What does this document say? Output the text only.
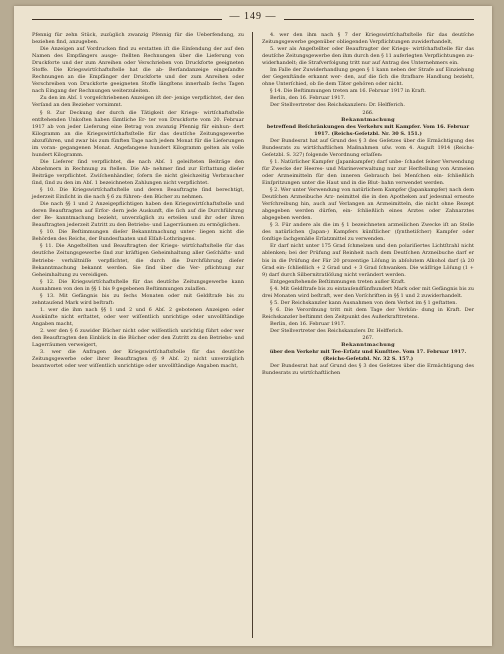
— 149 —

Pfennig für zehn Stück, zuzüglich zwanzig Pfennig für die Ueberfendung, zu beziehen find, anzugeben.

Die Anzeigen auf Vordrucken find zu erstatten iſt die Einſendung der auf den Namen des Empfängers ausge- ſtellten Rechnungen über die Lieferung von Druckforte und der zum Anreihen oder Verschrieben von Druckforte geeigneten Stoffe. Die Kriegswirtſchaftsſtelle hat die ab- Berſandanzeige eingeſandte Rechnungen an die Empfänger der Druckforte und der zum Anreihen oder Verschreiben von Druckforte geeigneten Stoffe längſtens innerhalb ſechs Tagen nach Eingang der Rechnungen weiterzuleiten.

Zu den im Abſ. 1 vorgeſchriebenen Anzeigen iſt der- jenige verpflichtet, der den Verſand an den Bezieher vornimmt.

§ 8. Zur Deckung der durch die Tätigkeit der Kriegs- wirtſchaftsſtelle entſtehenden Unkoſten haben ſämtliche Er- ter von Druckforte vom 20. Februar 1917 ab von jeder Lieferung eine Betrag von zwanzig Pfennig für einhun- dert Kilogramm an die Kriegswirtſchaftsſtelle für das deutſche Zeitungsgewerbe abzuführen, und zwar bis zum fünften Tage nach jedem Monat für die Lieferungen im voran- gegangenen Monat. Angefangene hundert Kilogramm gelten als volle hundert Kilogramm.

Die Lieferer ſind verpflichtet, die nach Abſ. 1 geleiſteten Beiträge den Abnehmern in Rechnung zu ſtellen. Die Ab- nehmer ſind zur Erſtattung dieſer Beiträge verpflichtet. Zwiſchenhändler, ſofern ſie nicht gleichzeitig Verbraucher ſind, ſind zu den im Abſ. 1 bezeichneten Zahlungen nicht verpflichtet.

§ 10. Die Kriegswirtſchaftsſtelle und deren Beauftragte ſind berechtigt, jederzeit Einſicht in die nach § 6 zu führen- den Bücher zu nehmen.

Die nach §§ 1 und 2 Anzeigepflichtigen haben den Kriegswirtſchaftsſtelle und deren Beauftragten auf Erfor- dern jede Auskunft, die ſich auf die Durchführung der Be- kanntmachung bezieht, unverzüglich zu erteilen und ihr oder ihren Beauftragten jederzeit Zutritt zu den Betriebs- und Lagerräumen zu ermöglichen.

§ 10. Die Beſtimmungen dieſer Bekanntmachung unter- liegen nicht die Behörden des Reichs, der Bundesſtaaten und Elſaß-Lothringens.

§ 11. Die Angeſtellten und Beauftragten der Kriegs- wirtſchaftsſtelle für das deutſche Zeitungsgewerbe ſind zur kräftigen Geheimhaltung aller Geſchäfts- und Betriebs- verhältniſſe verpflichtet, die durch die Durchführung dieſer Bekanntmachung bekannt werden. Sie ſind über die Ver- pflichtung zur Geheimhaltung zu vereidigen.

§ 12. Die Kriegswirtſchaftsſtelle für das deutſche Zeitungsgewerbe kann Ausnahmen von den in §§ 1 bis 9 gegebenen Beſtimmungen zulaſſen.

§ 13. Mit Gefängnis bis zu ſechs Monaten oder mit Geldſtrafe bis zu zehntauſend Mark wird beſtraft:

1. wer die ihm nach §§ 1 und 2 und 6 Abſ. 2 gebotenen Anzeigen oder Auskünfte nicht erſtattet, oder wer wiſſentlich unrichtige oder unvollſtändige Angaben macht,

2. wer den § 6 zuwider Bücher nicht oder wiſſentlich unrichtig führt oder wer den Beauftragten den Einblick in die Bücher oder den Zutritt zu den Betriebs- und Lagerräumen verweigert,

3. wer die Anfragen der Kriegswirtſchaftsſtelle für das deutſche Zeitungsgewerbe oder ihrer Beauftragten (§ 9 Abſ. 2) nicht unverzüglich beantwortet oder wer wiſſentlich unrichtige oder unvollſtändige Angaben macht,

4. wer den ihm nach § 7 der Kriegswirtſchaftsſtelle für das deutſche Zeitungsgewerbe gegenüber obliegenden Verpflichtungen zuwiderhandelt,

5. wer als Angeſtellter oder Beauftragter der Kriegs- wirtſchaftsſtelle für das deutſche Zeitungsgewerbe den ihm durch den § 11 auferlegten Verpflichtungen zu- widerhandelt; die Strafverfolgung tritt nur auf Antrag des Unternehmers ein.

Im Falle der Zuwiderhandlung gegen § 1 kann neben der Strafe auf Einziehung der Gegenſtände erkannt wer- den, auf die ſich die ſtrafbare Handlung bezieht, ohne Unterſchied, ob ſie dem Täter gehören oder nicht.

§ 14. Die Beſtimmungen treten am 16. Februar 1917 in Kraft.

Berlin, den 16. Februar 1917.

Der Stellvertreter des Reichskanzlers: Dr. Helfferich.

266.

Bekanntmachung

betreffend Beſchränkungen des Verkehrs mit Kampfer. Vom 16. Februar 1917. (Reichs-Geſetzbl. Nr. 30 S. 151.)

Der Bundesrat hat auf Grund des § 3 des Geſetzes über die Ermächtigung des Bundesrats zu wirtſchaftlichen Maßnahmen uſw. vom 4. Auguſt 1914 (Reichs-Geſetzbl. S. 327) folgende Verordnung erlaſſen:

§ 1. Natürlicher Kampfer (Japankampfer) darf unbe- ſchadet ſeiner Verwendung für Zwecke der Heeres- und Marineverwaltung nur zur Herſtellung von Arzneien oder Arzneimitteln für den inneren Gebrauch bei Menſchen ein- ſchließlich Einſpritzungen unter die Haut und in die Blut- bahn verwendet werden.

§ 2. Wer unter Verwendung von natürlichem Kampfer (Japankampfer) nach dem Deutſchen Arzneibuche Arz- neimittel die in den Apotheken auf jedesmal erneute Verſchreibung hin, auch auf Verlangen an Arzneimitteln, die nicht ohne Rezept abgegeben werden dürfen, ein- ſchließlich eines Arztes oder Zahnarztes abgegeben werden.

§ 3. Für andere als die im § 1 bezeichneten arzneilichen Zwecke iſt an Stelle des natürlichen (Japan-) Kampfers künſtlicher (ſynthetiſcher) Kampfer oder ſonſtige ſachgemäße Erſatzmittel zu verwenden.

Er darf nicht unter 175 Grad ſchmelzen und den polariſiertes Lichtſtrahl nicht ablenken; bei der Prüfung auf Reinheit nach dem Deutſchen Arzneibuche darf er bis in die Prüfung der Fär 20 prozentige Löſung in abſolutem Alkohol darf (à 20 Grad ein- ſchließlich + 2 Grad und + 3 Grad ſchwanken. Die wäſſrige Löſung (1 + 9) darf durch Silbernitratlöſung nicht verändert werden.

Entgegenſtehende Beſtimmungen treten außer Kraft.

§ 4. Mit Geldſtrafe bis zu eintauſendfünfhundert Mark oder mit Gefängnis bis zu drei Monaten wird beſtraft, wer den Vorſchriften in §§ 1 und 2 zuwiderhandelt.

§ 5. Der Reichskanzler kann Ausnahmen von dem Verbot im § 1 geſtatten.

§ 6. Die Verordnung tritt mit dem Tage der Verkün- dung in Kraft. Der Reichskanzler beſtimmt den Zeitpunkt des Außerkrafttretens.

Berlin, den 16. Februar 1917.

Der Stellvertreter des Reichskanzlers Dr. Helfferich.

267.

Bekanntmachung

über den Verkehr mit Tee-Erſatz und Kunſttee. Vom 17. Februar 1917. (Reichs-Geſetzbl. Nr. 32 S. 157.)

Der Bundesrat hat auf Grund des § 3 des Geſetzes über die Ermächtigung des Bundesrats zu wirtſchaftlichen
